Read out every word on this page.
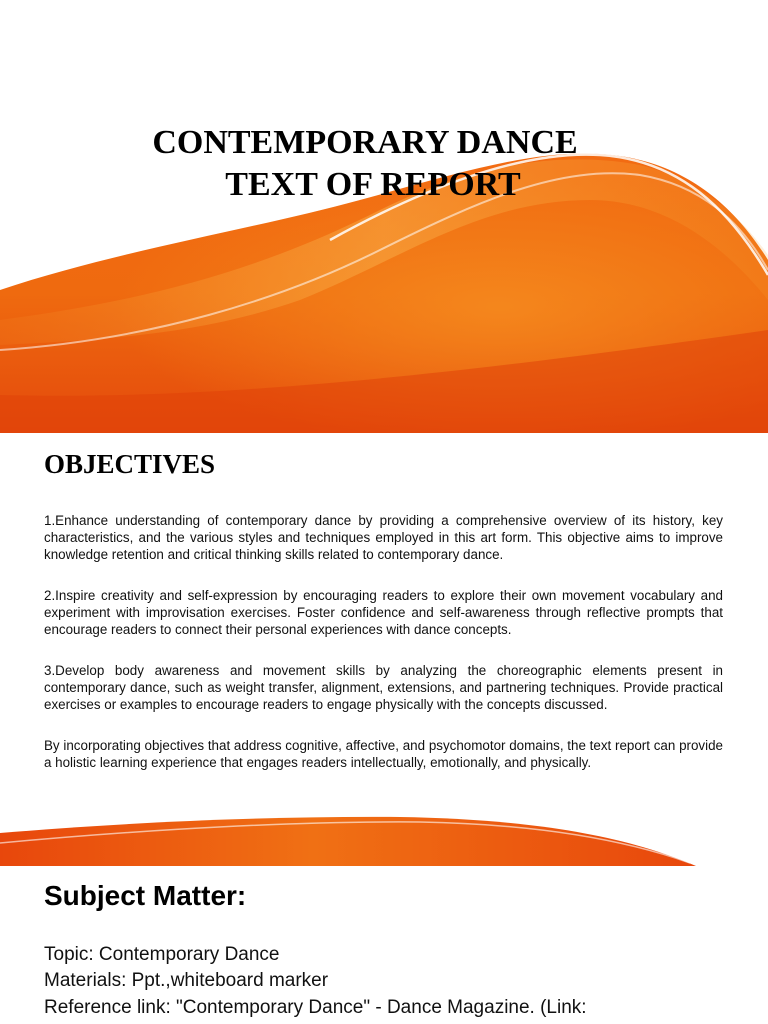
CONTEMPORARY DANCE
TEXT OF REPORT
OBJECTIVES

1.Enhance understanding of contemporary dance by providing a comprehensive overview of its history, key characteristics, and the various styles and techniques employed in this art form. This objective aims to improve knowledge retention and critical thinking skills related to contemporary dance.

2.Inspire creativity and self-expression by encouraging readers to explore their own movement vocabulary and experiment with improvisation exercises. Foster confidence and self-awareness through reflective prompts that encourage readers to connect their personal experiences with dance concepts.

3.Develop body awareness and movement skills by analyzing the choreographic elements present in contemporary dance, such as weight transfer, alignment, extensions, and partnering techniques. Provide practical exercises or examples to encourage readers to engage physically with the concepts discussed.

By incorporating objectives that address cognitive, affective, and psychomotor domains, the text report can provide a holistic learning experience that engages readers intellectually, emotionally, and physically.

Subject Matter:

Topic: Contemporary Dance

Materials: Ppt.,whiteboard marker

Reference link: "Contemporary Dance" - Dance Magazine. (Link:
